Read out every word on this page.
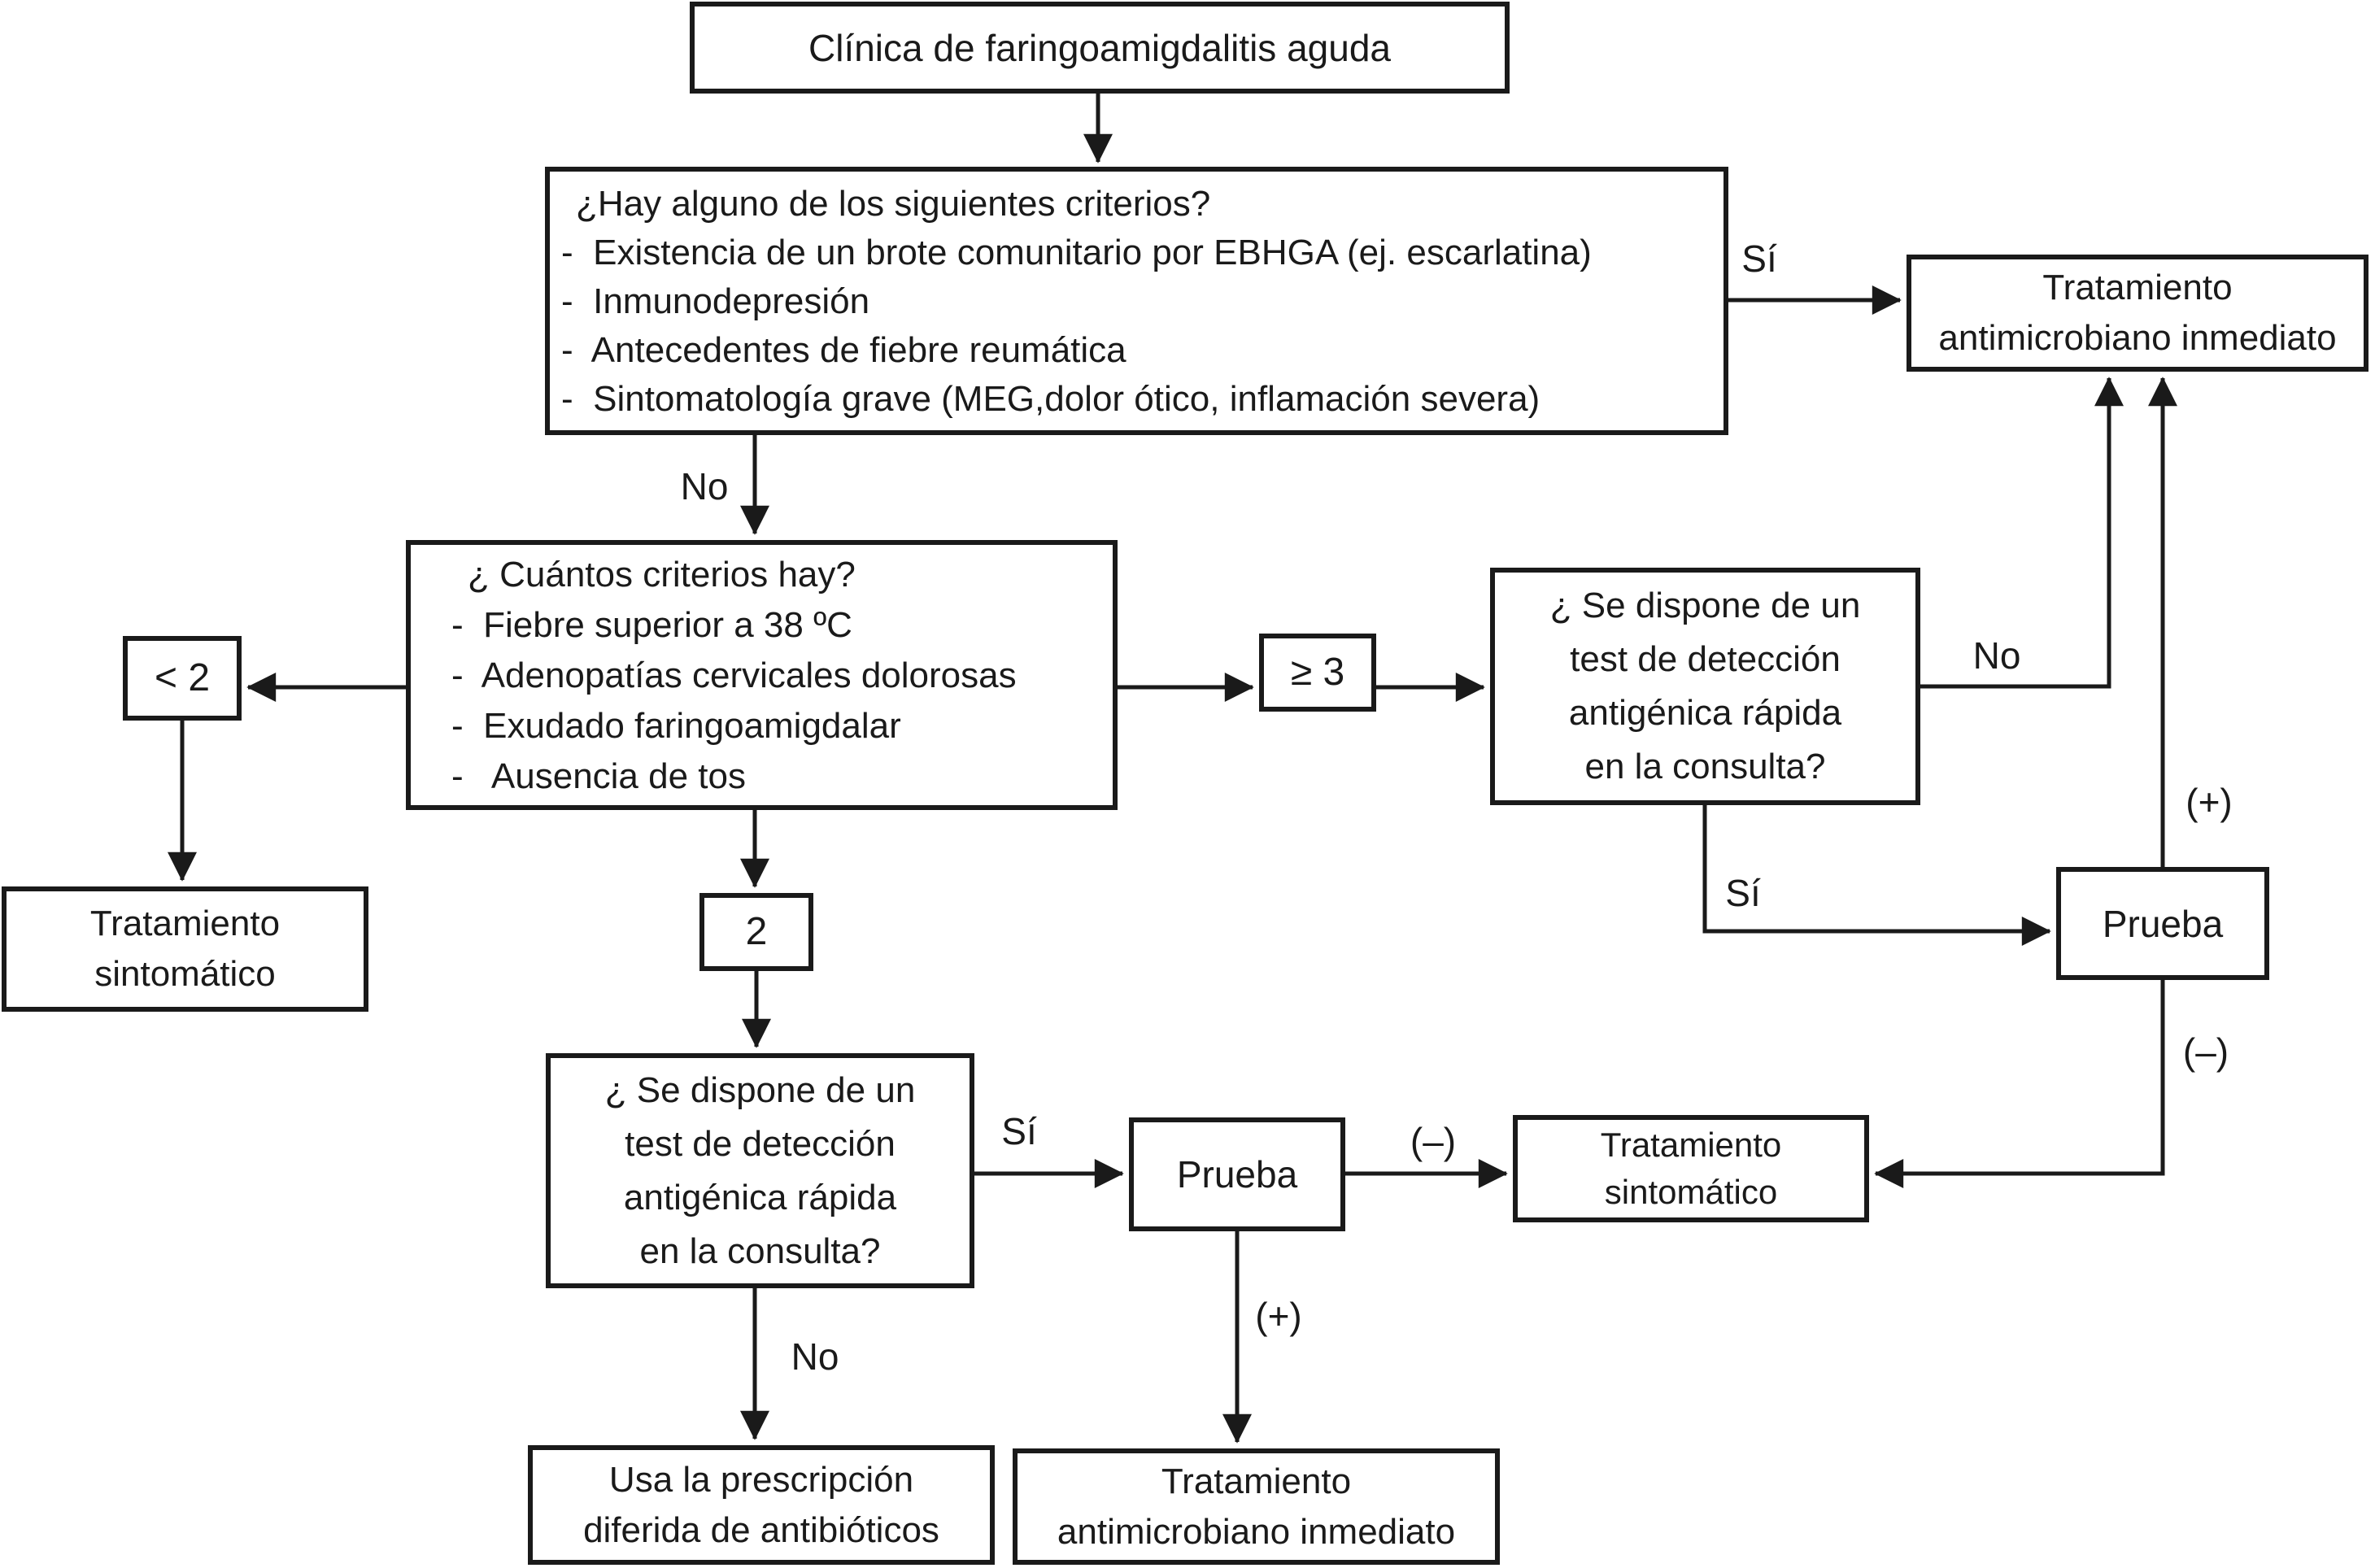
Clínica de faringoamigdalitis aguda
¿Hay alguno de los siguientes criterios?
-  Existencia de un brote comunitario por EBHGA (ej. escarlatina)
-  Inmunodepresión
-  Antecedentes de fiebre reumática
-  Sintomatología grave (MEG,dolor ótico, inflamación severa)
Tratamiento
antimicrobiano inmediato
¿ Cuántos criterios hay?
-  Fiebre superior a 38 ºC
-  Adenopatías cervicales dolorosas
-  Exudado faringoamigdalar
-   Ausencia de tos
< 2
Tratamiento
sintomático
≥ 3
¿ Se dispone de un
test de detección
antigénica rápida
en la consulta?
Prueba
2
¿ Se dispone de un
test de detección
antigénica rápida
en la consulta?
Prueba
Tratamiento
sintomático
Usa la prescripción
diferida de antibióticos
Tratamiento
antimicrobiano inmediato
Sí
No
No
(+)
Sí
(–)
Sí	(–)
(+)
No
